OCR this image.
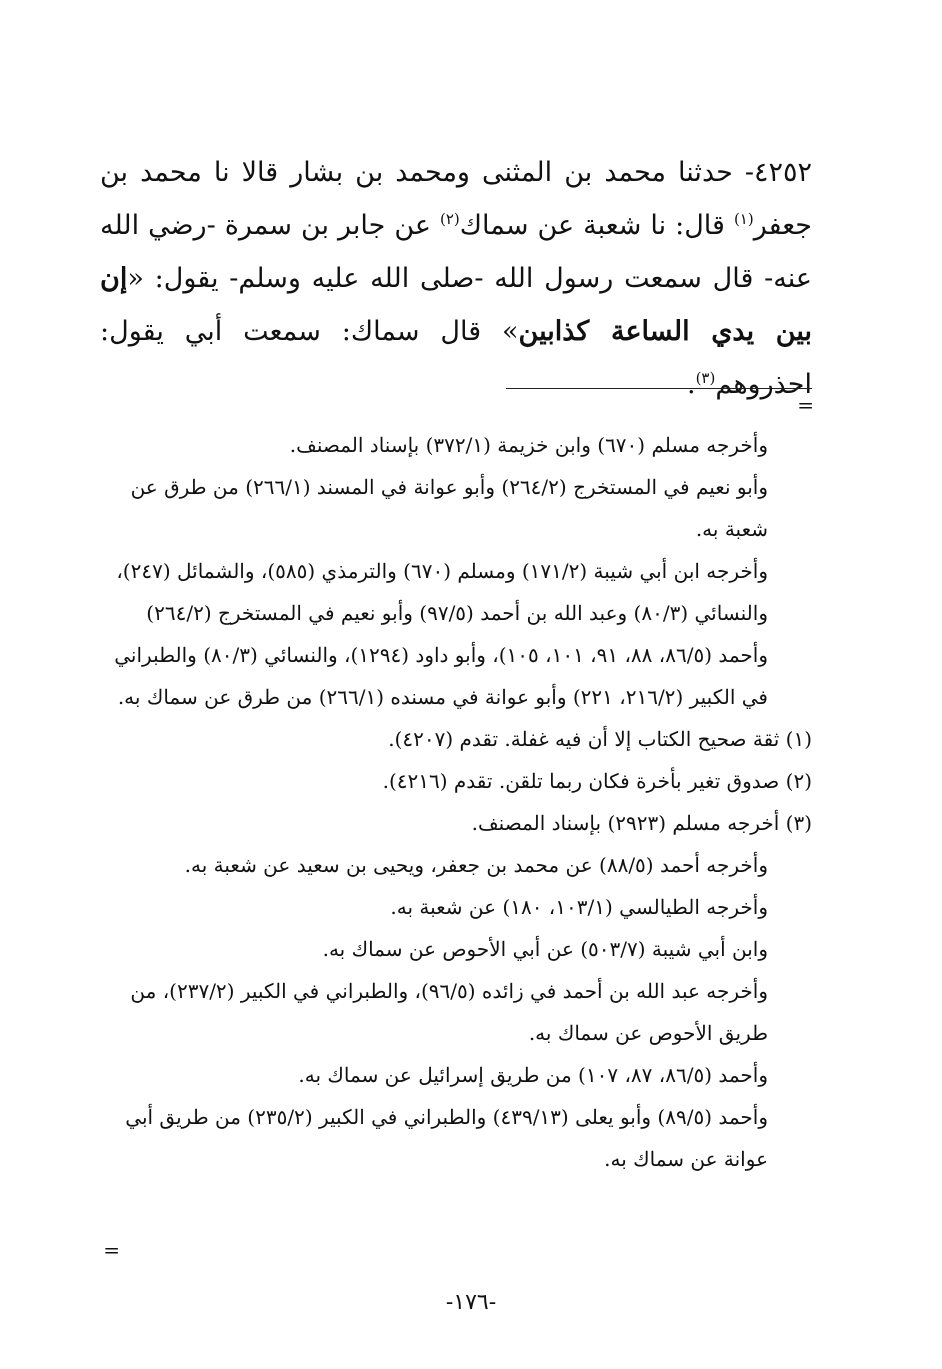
٤٢٥٢- حدثنا محمد بن المثنى ومحمد بن بشار قالا نا محمد بن جعفر$^{(١)}$ قال: نا شعبة عن سماك$^{(٢)}$ عن جابر بن سمرة -رضي الله عنه- قال سمعت رسول الله -صلى الله عليه وسلم- يقول: «إن بين يدي الساعة كذابين» قال سماك: سمعت أبي يقول: احذروهم$^{(٣)}$.

=

وأخرجه مسلم (٦٧٠) وابن خزيمة (٣٧٢/١) بإسناد المصنف.

وأبو نعيم في المستخرج (٢٦٤/٢) وأبو عوانة في المسند (٢٦٦/١) من طرق عن شعبة به.

وأخرجه ابن أبي شيبة (١٧١/٢) ومسلم (٦٧٠) والترمذي (٥٨٥)، والشمائل (٢٤٧)، والنسائي (٨٠/٣) وعبد الله بن أحمد (٩٧/٥) وأبو نعيم في المستخرج (٢٦٤/٢) وأحمد (٨٦/٥، ٨٨، ٩١، ١٠١، ١٠٥)، وأبو داود (١٢٩٤)، والنسائي (٨٠/٣) والطبراني في الكبير (٢١٦/٢، ٢٢١) وأبو عوانة في مسنده (٢٦٦/١) من طرق عن سماك به.

(١) ثقة صحيح الكتاب إلا أن فيه غفلة. تقدم (٤٢٠٧).

(٢) صدوق تغير بأخرة فكان ربما تلقن. تقدم (٤٢١٦).

(٣) أخرجه مسلم (٢٩٢٣) بإسناد المصنف.

وأخرجه أحمد (٨٨/٥) عن محمد بن جعفر، ويحيى بن سعيد عن شعبة به.

وأخرجه الطيالسي (١٠٣/١، ١٨٠) عن شعبة به.

وابن أبي شيبة (٥٠٣/٧) عن أبي الأحوص عن سماك به.

وأخرجه عبد الله بن أحمد في زائده (٩٦/٥)، والطبراني في الكبير (٢٣٧/٢)، من طريق الأحوص عن سماك به.

وأحمد (٨٦/٥، ٨٧، ١٠٧) من طريق إسرائيل عن سماك به.

وأحمد (٨٩/٥) وأبو يعلى (٤٣٩/١٣) والطبراني في الكبير (٢٣٥/٢) من طريق أبي عوانة عن سماك به.

=
-١٧٦-
